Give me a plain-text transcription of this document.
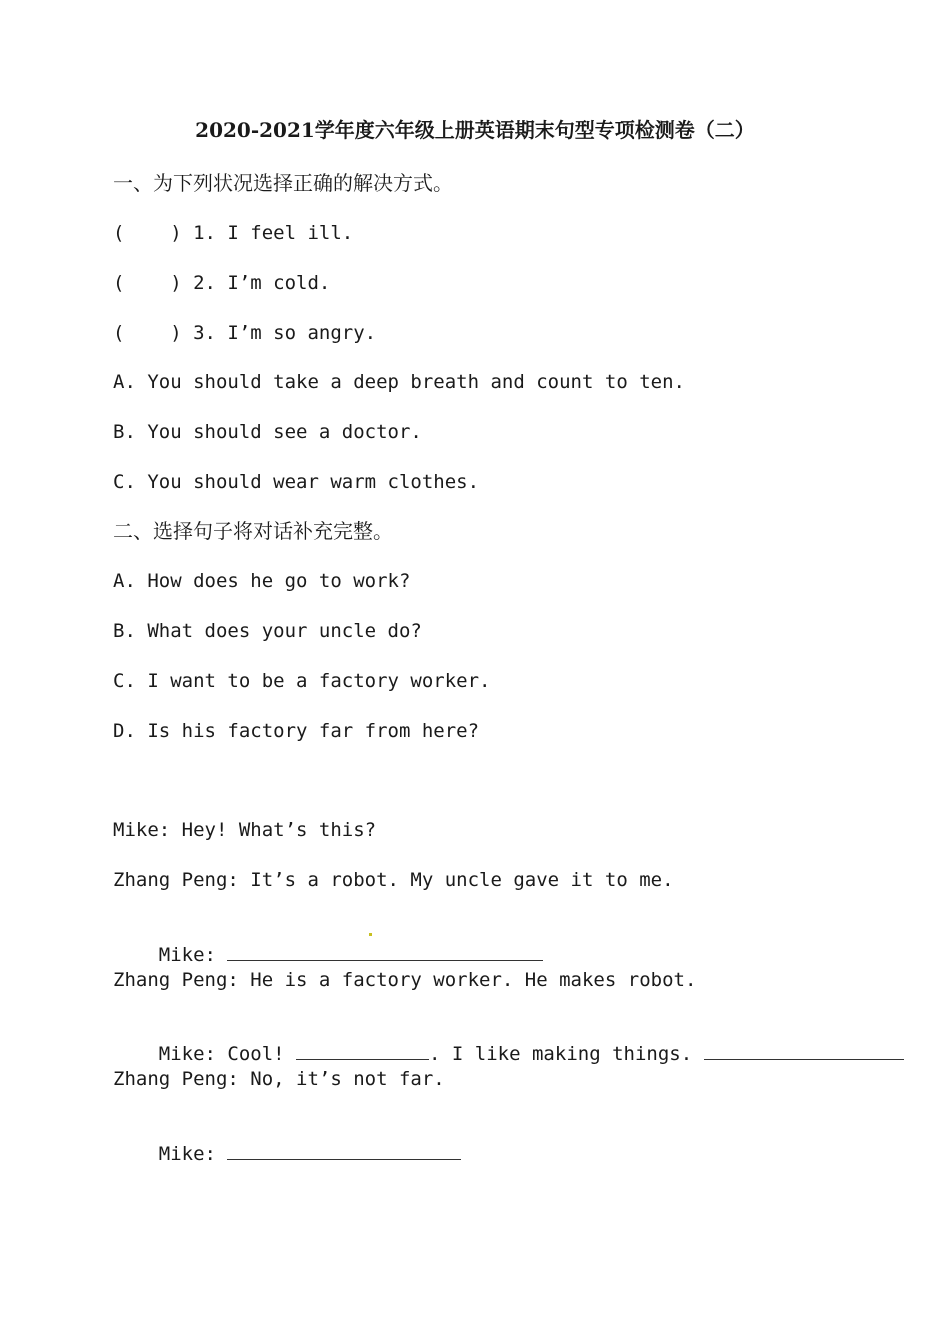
2020-2021学年度六年级上册英语期末句型专项检测卷（二）
一、为下列状况选择正确的解决方式。
(    ) 1. I feel ill.
(    ) 2. I’m cold.
(    ) 3. I’m so angry.
A. You should take a deep breath and count to ten.
B. You should see a doctor.
C. You should wear warm clothes.
二、选择句子将对话补充完整。
A. How does he go to work?
B. What does your uncle do?
C. I want to be a factory worker.
D. Is his factory far from here?
Mike: Hey! What’s this?
Zhang Peng: It’s a robot. My uncle gave it to me.

Mike:

Zhang Peng: He is a factory worker. He makes robot.

Mike: Cool!	. I like making things.

Zhang Peng: No, it’s not far.

Mike:
